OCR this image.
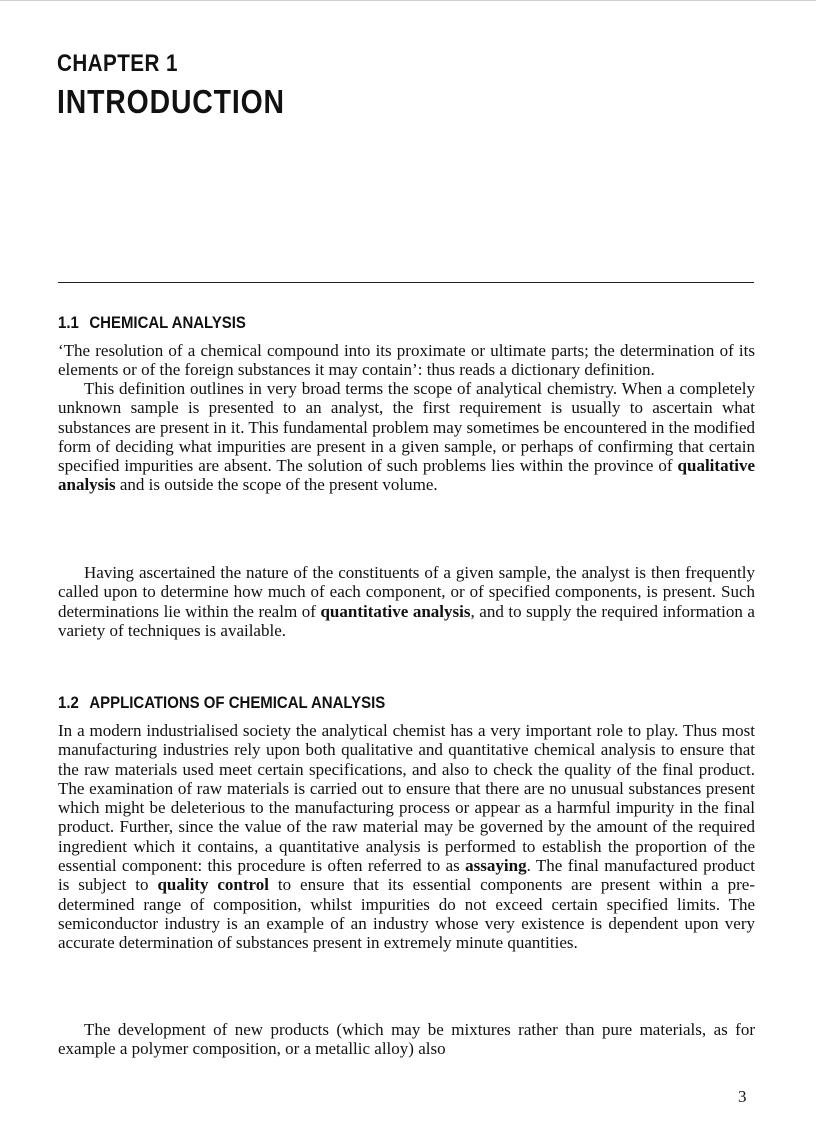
CHAPTER 1
INTRODUCTION
1.1 CHEMICAL ANALYSIS

‘The resolution of a chemical compound into its proximate or ultimate parts; the determination of its elements or of the foreign substances it may contain’: thus reads a dictionary definition.

This definition outlines in very broad terms the scope of analytical chemistry. When a completely unknown sample is presented to an analyst, the first requirement is usually to ascertain what substances are present in it. This fundamental problem may sometimes be encountered in the modified form of deciding what impurities are present in a given sample, or perhaps of confirming that certain specified impurities are absent. The solution of such problems lies within the province of qualitative analysis and is outside the scope of the present volume.

Having ascertained the nature of the constituents of a given sample, the analyst is then frequently called upon to determine how much of each component, or of specified components, is present. Such determinations lie within the realm of quantitative analysis, and to supply the required information a variety of techniques is available.

1.2 APPLICATIONS OF CHEMICAL ANALYSIS

In a modern industrialised society the analytical chemist has a very important role to play. Thus most manufacturing industries rely upon both qualitative and quantitative chemical analysis to ensure that the raw materials used meet certain specifications, and also to check the quality of the final product. The examination of raw materials is carried out to ensure that there are no unusual substances present which might be deleterious to the manufacturing process or appear as a harmful impurity in the final product. Further, since the value of the raw material may be governed by the amount of the required ingredient which it contains, a quantitative analysis is performed to establish the proportion of the essential component: this procedure is often referred to as assaying. The final manufactured product is subject to quality control to ensure that its essential components are present within a pre-determined range of composition, whilst impurities do not exceed certain specified limits. The semiconductor industry is an example of an industry whose very existence is dependent upon very accurate determination of substances present in extremely minute quantities.

The development of new products (which may be mixtures rather than pure materials, as for example a polymer composition, or a metallic alloy) also

3
